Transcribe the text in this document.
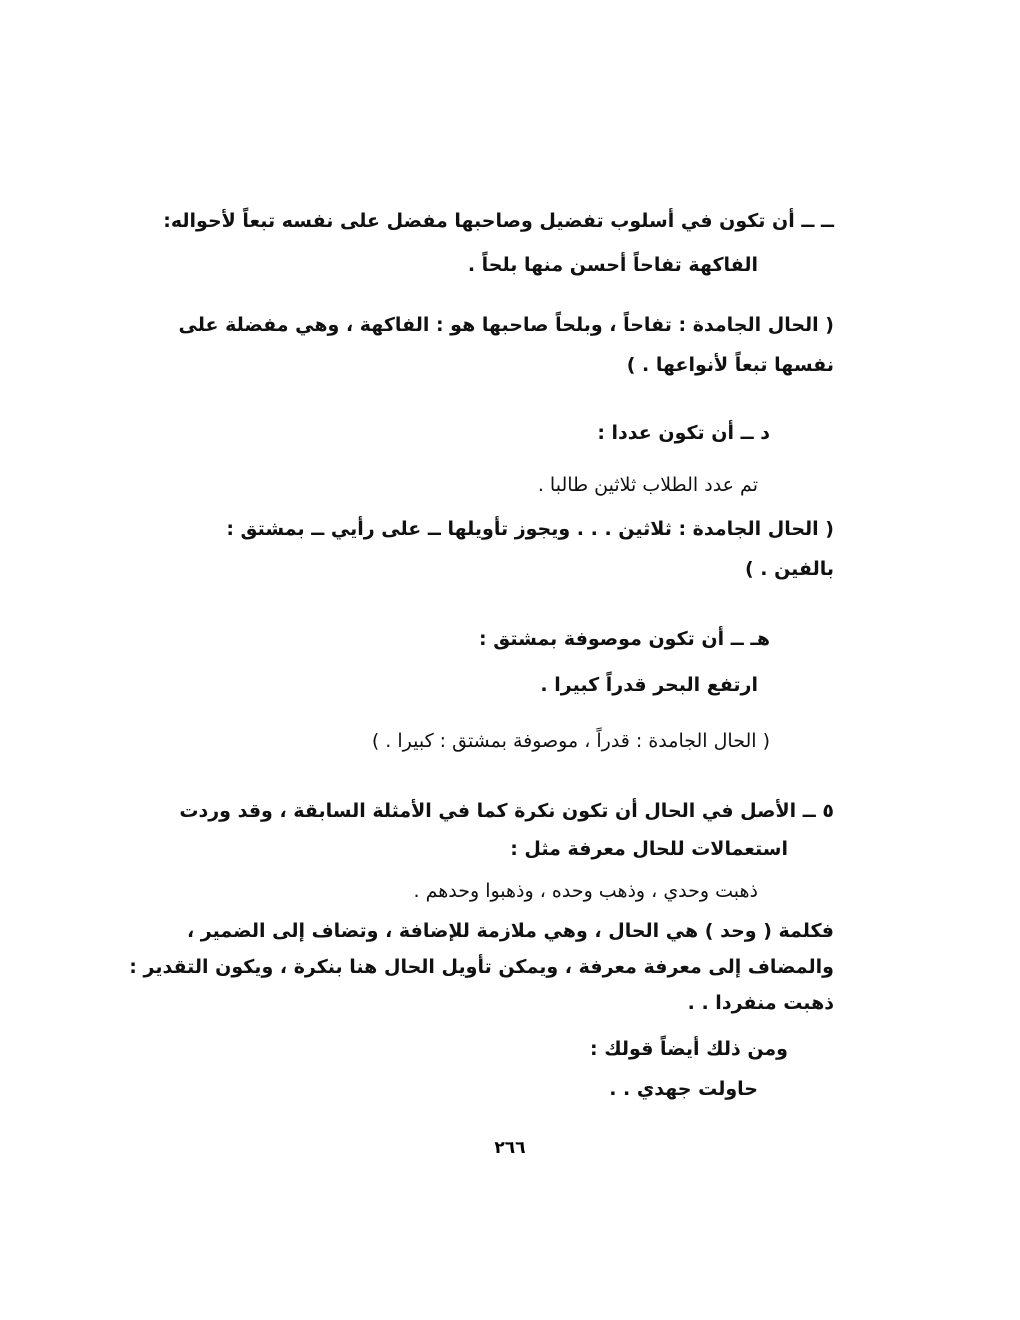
ــ ــ أن تكون في أسلوب تفضيل وصاحبها مفضل على نفسه تبعاً لأحواله:
الفاكهة تفاحاً أحسن منها بلحاً .
( الحال الجامدة : تفاحاً ، وبلحاً صاحبها هو : الفاكهة ، وهي مفضلة على
نفسها تبعاً لأنواعها . )
د ــ أن تكون عددا :
تم عدد الطلاب ثلاثين طالبا .
( الحال الجامدة : ثلاثين . . . ويجوز تأويلها ــ على رأيي ــ بمشتق :
بالفين . )
هـ ــ أن تكون موصوفة بمشتق :
ارتفع البحر قدراً كبيرا .
( الحال الجامدة : قدراً ، موصوفة بمشتق : كبيرا . )
٥ ــ الأصل في الحال أن تكون نكرة كما في الأمثلة السابقة ، وقد وردت
استعمالات للحال معرفة مثل :
ذهبت وحدي ، وذهب وحده ، وذهبوا وحدهم .
فكلمة ( وحد ) هي الحال ، وهي ملازمة للإضافة ، وتضاف إلى الضمير ،
والمضاف إلى معرفة معرفة ، ويمكن تأويل الحال هنا بنكرة ، ويكون التقدير :
ذهبت منفردا . .
ومن ذلك أيضاً قولك :
حاولت جهدي . .
٢٦٦
